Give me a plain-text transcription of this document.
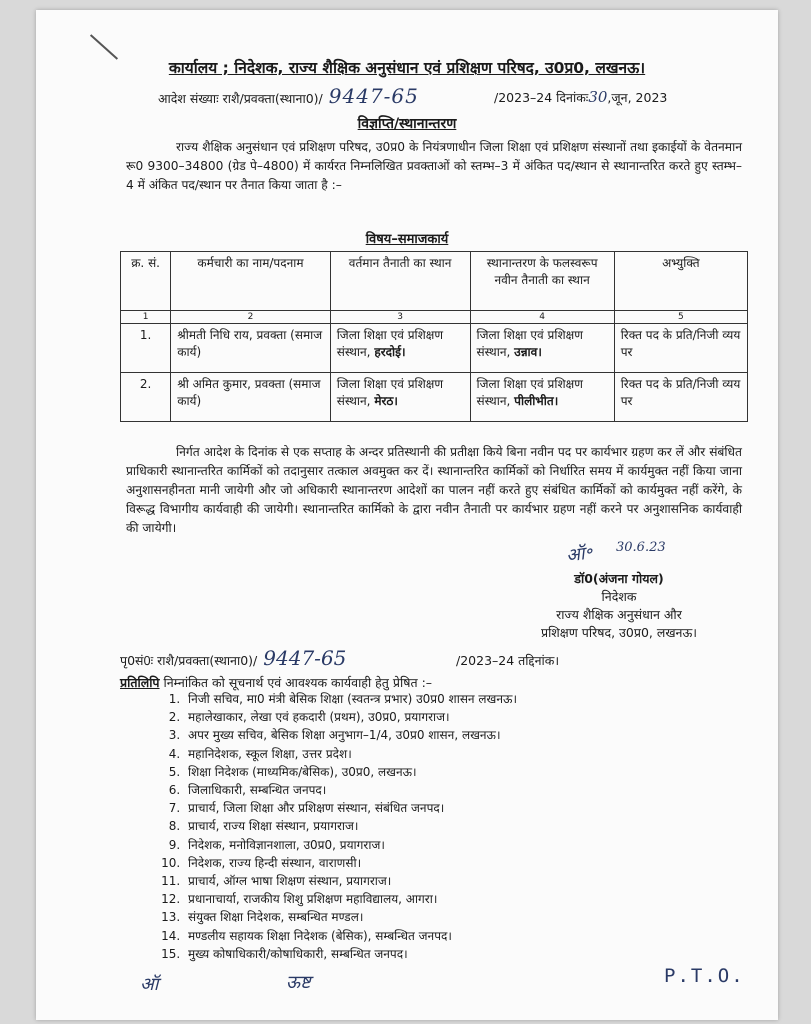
कार्यालय ; निदेशक, राज्य शैक्षिक अनुसंधान एवं प्रशिक्षण परिषद, उ0प्र0, लखनऊ।
आदेश संख्याः राशै/प्रवक्ता(स्थाना0)/ 9447-65	/2023–24 दिनांकः30,जून, 2023
विज्ञप्ति/स्थानान्तरण
राज्य शैक्षिक अनुसंधान एवं प्रशिक्षण परिषद, उ0प्र0 के नियंत्रणाधीन जिला शिक्षा एवं प्रशिक्षण संस्थानों तथा इकाईयों के वेतनमान रू0 9300–34800 (ग्रेड पे–4800) में कार्यरत निम्नलिखित प्रवक्ताओं को स्तम्भ–3 में अंकित पद/स्थान से स्थानान्तरित करते हुए स्तम्भ–4 में अंकित पद/स्थान पर तैनात किया जाता है :–
विषय–समाजकार्य
क्र. सं.	कर्मचारी का नाम/पदनाम	वर्तमान तैनाती का स्थान	स्थानान्तरण के फलस्वरूप नवीन तैनाती का स्थान	अभ्युक्ति
1	2	3	4	5
1.	श्रीमती निधि राय, प्रवक्ता (समाज कार्य)	जिला शिक्षा एवं प्रशिक्षण संस्थान, हरदोई।	जिला शिक्षा एवं प्रशिक्षण संस्थान, उन्नाव।	रिक्त पद के प्रति/निजी व्यय पर
2.	श्री अमित कुमार, प्रवक्ता (समाज कार्य)	जिला शिक्षा एवं प्रशिक्षण संस्थान, मेरठ।	जिला शिक्षा एवं प्रशिक्षण संस्थान, पीलीभीत।	रिक्त पद के प्रति/निजी व्यय पर
निर्गत आदेश के दिनांक से एक सप्ताह के अन्दर प्रतिस्थानी की प्रतीक्षा किये बिना नवीन पद पर कार्यभार ग्रहण कर लें और संबंधित प्राधिकारी स्थानान्तरित कार्मिकों को तदानुसार तत्काल अवमुक्त कर दें। स्थानान्तरित कार्मिकों को निर्धारित समय में कार्यमुक्त नहीं किया जाना अनुशासनहीनता मानी जायेगी और जो अधिकारी स्थानान्तरण आदेशों का पालन नहीं करते हुए संबंधित कार्मिकों को कार्यमुक्त नहीं करेंगे, के विरूद्ध विभागीय कार्यवाही की जायेगी। स्थानान्तरित कार्मिको के द्वारा नवीन तैनाती पर कार्यभार ग्रहण नहीं करने पर अनुशासनिक कार्यवाही की जायेगी।
ऑ॰ 30.6.23
डॉ0(अंजना गोयल)
निदेशक
राज्य शैक्षिक अनुसंधान और
प्रशिक्षण परिषद, उ0प्र0, लखनऊ।
पृ0सं0ः राशै/प्रवक्ता(स्थाना0)/ 9447-65	/2023–24 तद्दिनांक।
प्रतिलिपि निम्नांकित को सूचनार्थ एवं आवश्यक कार्यवाही हेतु प्रेषित :–
1. निजी सचिव, मा0 मंत्री बेसिक शिक्षा (स्वतन्त्र प्रभार) उ0प्र0 शासन लखनऊ।
2. महालेखाकार, लेखा एवं हकदारी (प्रथम), उ0प्र0, प्रयागराज।
3. अपर मुख्य सचिव, बेसिक शिक्षा अनुभाग–1/4, उ0प्र0 शासन, लखनऊ।
4. महानिदेशक, स्कूल शिक्षा, उत्तर प्रदेश।
5. शिक्षा निदेशक (माध्यमिक/बेसिक), उ0प्र0, लखनऊ।
6. जिलाधिकारी, सम्बन्धित जनपद।
7. प्राचार्य, जिला शिक्षा और प्रशिक्षण संस्थान, संबंधित जनपद।
8. प्राचार्य, राज्य शिक्षा संस्थान, प्रयागराज।
9. निदेशक, मनोविज्ञानशाला, उ0प्र0, प्रयागराज।
10. निदेशक, राज्य हिन्दी संस्थान, वाराणसी।
11. प्राचार्य, ऑग्ल भाषा शिक्षण संस्थान, प्रयागराज।
12. प्रधानाचार्या, राजकीय शिशु प्रशिक्षण महाविद्यालय, आगरा।
13. संयुक्त शिक्षा निदेशक, सम्बन्धित मण्डल।
14. मण्डलीय सहायक शिक्षा निदेशक (बेसिक), सम्बन्धित जनपद।
15. मुख्य कोषाधिकारी/कोषाधिकारी, सम्बन्धित जनपद।
ऑ	ऊष्ट	P.T.O.
